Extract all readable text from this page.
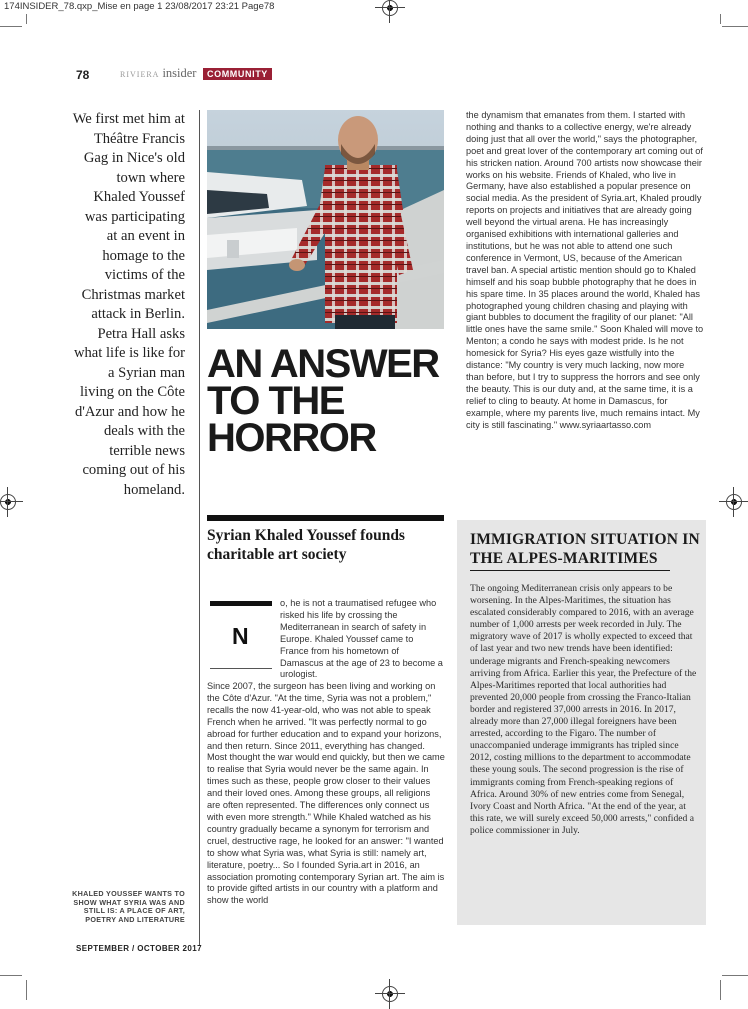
174INSIDER_78.qxp_Mise en page 1 23/08/2017 23:21 Page78
78	RIVIERA insider	COMMUNITY
We first met him at Théâtre Francis Gag in Nice's old town where Khaled Youssef was participating at an event in homage to the victims of the Christmas market attack in Berlin. Petra Hall asks what life is like for a Syrian man living on the Côte d'Azur and how he deals with the terrible news coming out of his homeland.
KHALED YOUSSEF WANTS TO SHOW WHAT SYRIA WAS AND STILL IS: A PLACE OF ART, POETRY AND LITERATURE
AN ANSWER TO THE HORROR
Syrian Khaled Youssef founds charitable art society
N
o, he is not a traumatised refugee who risked his life by crossing the Mediterranean in search of safety in Europe. Khaled Youssef came to France from his hometown of Damascus at the age of 23 to become a urologist.
Since 2007, the surgeon has been living and working on the Côte d'Azur. "At the time, Syria was not a problem," recalls the now 41-year-old, who was not able to speak French when he arrived. "It was perfectly normal to go abroad for further education and to expand your horizons, and then return. Since 2011, everything has changed. Most thought the war would end quickly, but then we came to realise that Syria would never be the same again. In times such as these, people grow closer to their values and their loved ones. Among these groups, all religions are often represented. The differences only connect us with even more strength." While Khaled watched as his country gradually became a synonym for terrorism and cruel, destructive rage, he looked for an answer: "I wanted to show what Syria was, what Syria is still: namely art, literature, poetry... So I founded Syria.art in 2016, an association promoting contemporary Syrian art. The aim is to provide gifted artists in our country with a platform and show the world
the dynamism that emanates from them. I started with nothing and thanks to a collective energy, we're already doing just that all over the world," says the photographer, poet and great lover of the contemporary art coming out of his stricken nation. Around 700 artists now showcase their works on his website. Friends of Khaled, who live in Germany, have also established a popular presence on social media. As the president of Syria.art, Khaled proudly reports on projects and initiatives that are already going well beyond the virtual arena. He has increasingly organised exhibitions with international galleries and institutions, but he was not able to attend one such conference in Vermont, US, because of the American travel ban. A special artistic mention should go to Khaled himself and his soap bubble photography that he does in his spare time. In 35 places around the world, Khaled has photographed young children chasing and playing with giant bubbles to document the fragility of our planet: "All little ones have the same smile." Soon Khaled will move to Menton; a condo he says with modest pride. Is he not homesick for Syria? His eyes gaze wistfully into the distance: "My country is very much lacking, now more than before, but I try to suppress the horrors and see only the beauty. This is our duty and, at the same time, it is a relief to cling to beauty. At home in Damascus, for example, where my parents live, much remains intact. My city is still fascinating." www.syriaartasso.com
IMMIGRATION SITUATION IN THE ALPES-MARITIMES
The ongoing Mediterranean crisis only appears to be worsening. In the Alpes-Maritimes, the situation has escalated considerably compared to 2016, with an average number of 1,000 arrests per week recorded in July. The migratory wave of 2017 is wholly expected to exceed that of last year and two new trends have been identified: underage migrants and French-speaking newcomers arriving from Africa. Earlier this year, the Prefecture of the Alpes-Maritimes reported that local authorities had prevented 20,000 people from crossing the Franco-Italian border and registered 37,000 arrests in 2016. In 2017, already more than 27,000 illegal foreigners have been arrested, according to the Figaro. The number of unaccompanied underage immigrants has tripled since 2012, costing millions to the department to accommodate these young souls. The second progression is the rise of immigrants coming from French-speaking regions of Africa. Around 30% of new entries come from Senegal, Ivory Coast and North Africa. "At the end of the year, at this rate, we will surely exceed 50,000 arrests," confided a police commissioner in July.
SEPTEMBER / OCTOBER 2017
